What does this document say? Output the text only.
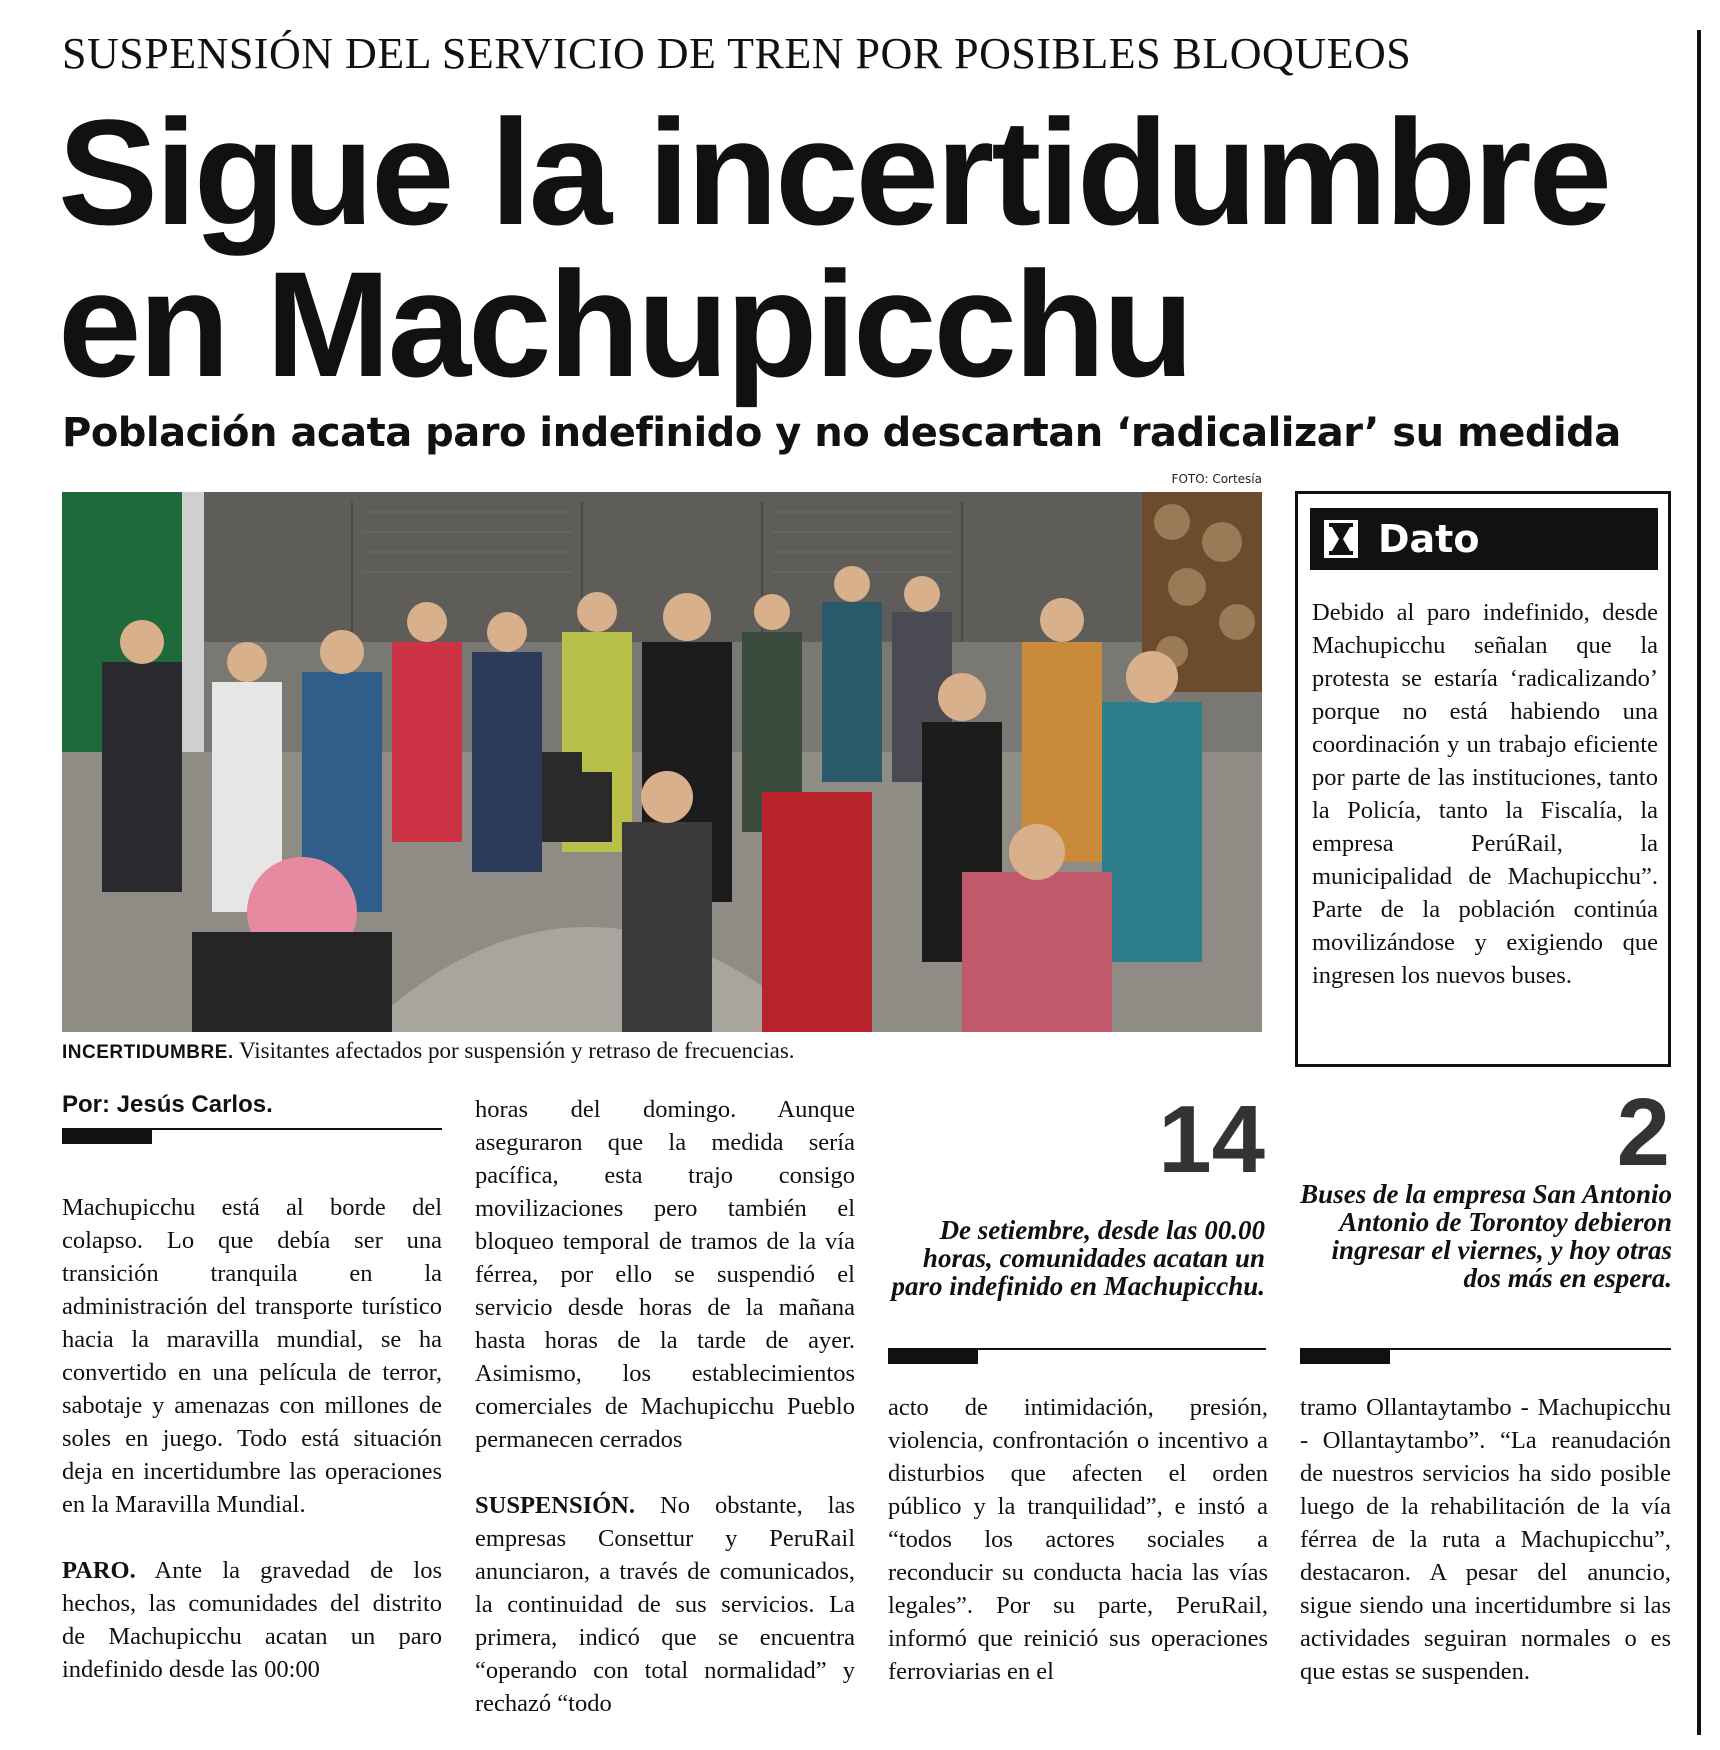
SUSPENSIÓN DEL SERVICIO DE TREN POR POSIBLES BLOQUEOS
Sigue la incertidumbre
en Machupicchu
Población acata paro indefinido y no descartan ‘radicalizar’ su medida
FOTO: Cortesía
INCERTIDUMBRE. Visitantes afectados por suspensión y retraso de frecuencias.
Dato
Debido al paro indefinido, desde Machupicchu señalan que la protesta se estaría ‘radicalizando’ porque no está habiendo una coordinación y un trabajo eficiente por parte de las instituciones, tanto la Policía, tanto la Fiscalía, la empresa PerúRail, la municipalidad de Machupicchu”. Parte de la población continúa movilizándose y exigiendo que ingresen los nuevos buses.
Por: Jesús Carlos.

Machupicchu está al borde del colapso. Lo que debía ser una transición tranquila en la administración del transporte turístico hacia la maravilla mundial, se ha convertido en una película de terror, sabotaje y amenazas con millones de soles en juego. Todo está situación deja en incertidumbre las operaciones en la Maravilla Mundial.

PARO. Ante la gravedad de los hechos, las comunidades del distrito de Machupicchu acatan un paro indefinido desde las 00:00

horas del domingo. Aunque aseguraron que la medida sería pacífica, esta trajo consigo movilizaciones pero también el bloqueo temporal de tramos de la vía férrea, por ello se suspendió el servicio desde horas de la mañana hasta horas de la tarde de ayer. Asimismo, los establecimientos comerciales de Machupicchu Pueblo permanecen cerrados

SUSPENSIÓN. No obstante, las empresas Consettur y PeruRail anunciaron, a través de comunicados, la continuidad de sus servicios. La primera, indicó que se encuentra “operando con total normalidad” y rechazó “todo

14
De setiembre, desde las 00.00 horas, comunidades acatan un paro indefinido en Machupicchu.

acto de intimidación, presión, violencia, confrontación o incentivo a disturbios que afecten el orden público y la tranquilidad”, e instó a “todos los actores sociales a reconducir su conducta hacia las vías legales”. Por su parte, PeruRail, informó que reinició sus operaciones ferroviarias en el

2
Buses de la empresa San Antonio Antonio de Torontoy debieron ingresar el viernes, y hoy otras dos más en espera.

tramo Ollantaytambo - Machupicchu - Ollantaytambo”. “La reanudación de nuestros servicios ha sido posible luego de la rehabilitación de la vía férrea de la ruta a Machupicchu”, destacaron. A pesar del anuncio, sigue siendo una incertidumbre si las actividades seguiran normales o es que estas se suspenden.
